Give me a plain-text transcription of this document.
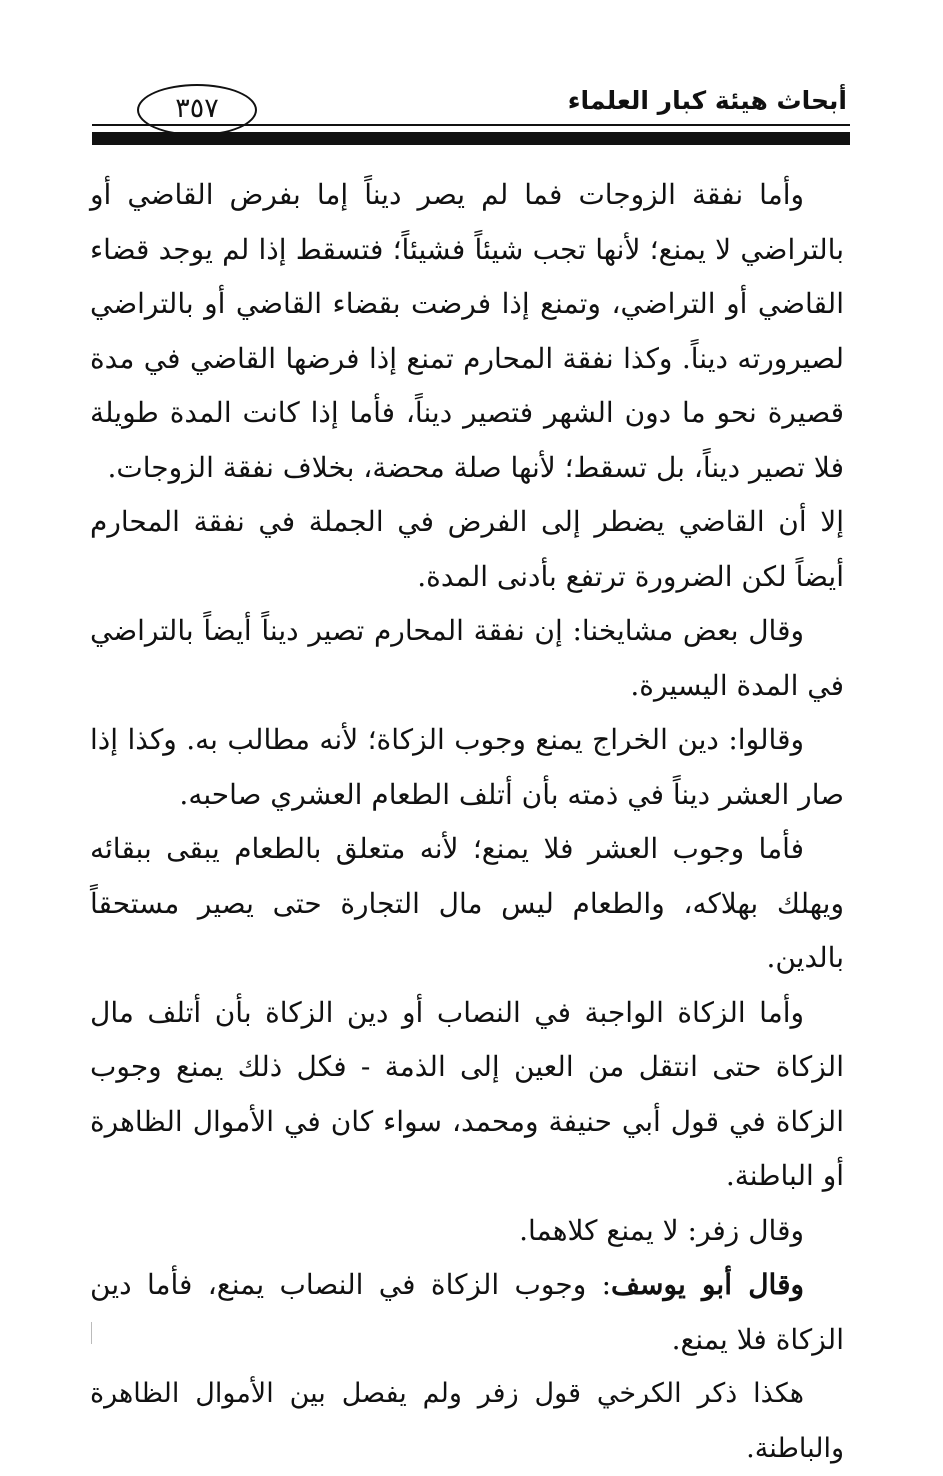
أبحاث هيئة كبار العلماء
٣٥٧

وأما نفقة الزوجات فما لم يصر ديناً إما بفرض القاضي أو بالتراضي لا يمنع؛ لأنها تجب شيئاً فشيئاً؛ فتسقط إذا لم يوجد قضاء القاضي أو التراضي، وتمنع إذا فرضت بقضاء القاضي أو بالتراضي لصيرورته ديناً. وكذا نفقة المحارم تمنع إذا فرضها القاضي في مدة قصيرة نحو ما دون الشهر فتصير ديناً، فأما إذا كانت المدة طويلة فلا تصير ديناً، بل تسقط؛ لأنها صلة محضة، بخلاف نفقة الزوجات.

إلا أن القاضي يضطر إلى الفرض في الجملة في نفقة المحارم أيضاً لكن الضرورة ترتفع بأدنى المدة.

وقال بعض مشايخنا: إن نفقة المحارم تصير ديناً أيضاً بالتراضي في المدة اليسيرة.

وقالوا: دين الخراج يمنع وجوب الزكاة؛ لأنه مطالب به. وكذا إذا صار العشر ديناً في ذمته بأن أتلف الطعام العشري صاحبه.

فأما وجوب العشر فلا يمنع؛ لأنه متعلق بالطعام يبقى ببقائه ويهلك بهلاكه، والطعام ليس مال التجارة حتى يصير مستحقاً بالدين.

وأما الزكاة الواجبة في النصاب أو دين الزكاة بأن أتلف مال الزكاة حتى انتقل من العين إلى الذمة - فكل ذلك يمنع وجوب الزكاة في قول أبي حنيفة ومحمد، سواء كان في الأموال الظاهرة أو الباطنة.

وقال زفر: لا يمنع كلاهما.

وقال أبو يوسف: وجوب الزكاة في النصاب يمنع، فأما دين الزكاة فلا يمنع.

هكذا ذكر الكرخي قول زفر ولم يفصل بين الأموال الظاهرة والباطنة.
